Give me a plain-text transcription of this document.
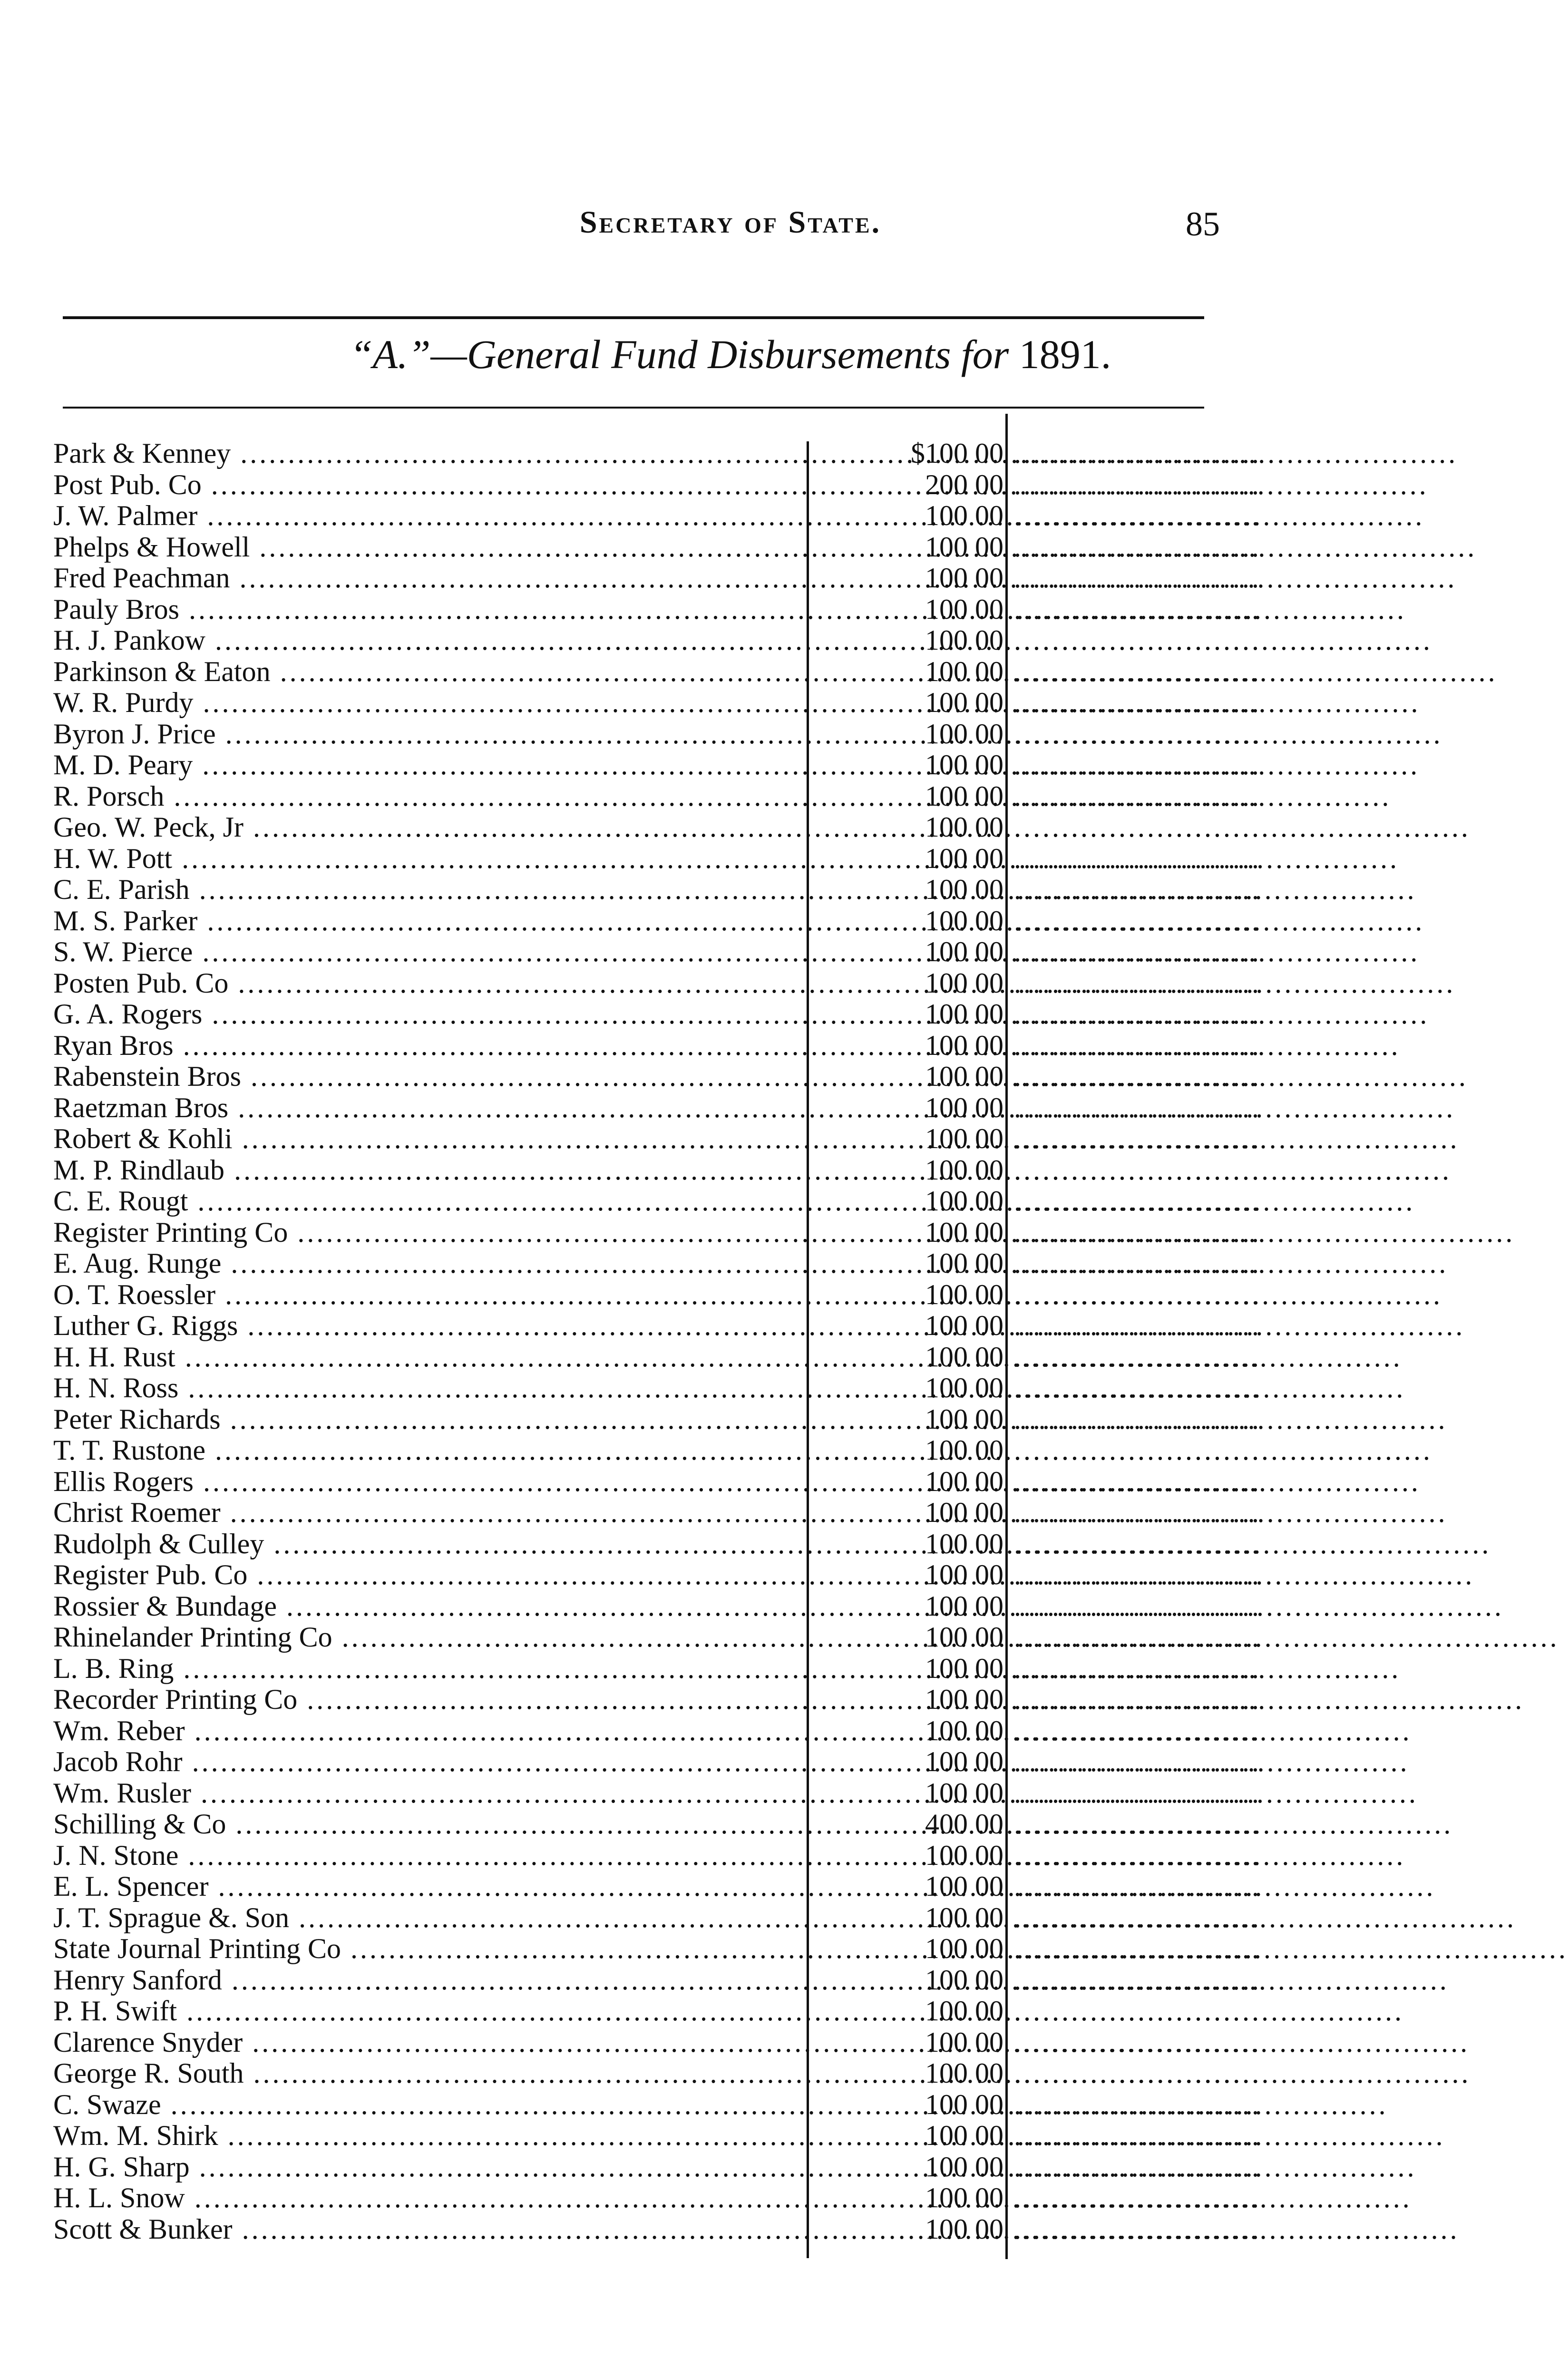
Secretary of State.	85
“A.”—General Fund Disbursements for 1891.
Park & Kenney .....	$100 00 ..........................
Post Pub. Co .....	200 00 ..........................
J. W. Palmer .....	100 00 ..........................
Phelps & Howell .....	100 00 ..........................
Fred Peachman .....	100 00 ..........................
Pauly Bros .....	100 00 ..........................
H. J. Pankow .....	100 00 ..........................
Parkinson & Eaton .....	100 00 ..........................
W. R. Purdy .....	100 00 ..........................
Byron J. Price .....	100 00 ..........................
M. D. Peary .....	100 00 ..........................
R. Porsch .....	100 00 ..........................
Geo. W. Peck, Jr .....	100 00 ..........................
H. W. Pott .....	100 00 ..........................
C. E. Parish .....	100 00 ..........................
M. S. Parker .....	100 00 ..........................
S. W. Pierce .....	100 00 ..........................
Posten Pub. Co .....	100 00 ..........................
G. A. Rogers .....	100 00 ..........................
Ryan Bros .....	100 00 ..........................
Rabenstein Bros .....	100 00 ..........................
Raetzman Bros .....	100 00 ..........................
Robert & Kohli .....	100 00 ..........................
M. P. Rindlaub .....	100 00 ..........................
C. E. Rougt .....	100 00 ..........................
Register Printing Co .....	100 00 ..........................
E. Aug. Runge .....	100 00 ..........................
O. T. Roessler .....	100 00 ..........................
Luther G. Riggs .....	100 00 ..........................
H. H. Rust .....	100 00 ..........................
H. N. Ross .....	100 00 ..........................
Peter Richards .....	100 00 ..........................
T. T. Rustone .....	100 00 ..........................
Ellis Rogers .....	100 00 ..........................
Christ Roemer .....	100 00 ..........................
Rudolph & Culley .....	100 00 ..........................
Register Pub. Co .....	100 00 ..........................
Rossier & Bundage .....	100 00 ..........................
Rhinelander Printing Co .....	100 00 ..........................
L. B. Ring .....	100 00 ..........................
Recorder Printing Co .....	100 00 ..........................
Wm. Reber .....	100 00 ..........................
Jacob Rohr .....	100 00 ..........................
Wm. Rusler .....	100 00 ..........................
Schilling & Co .....	400 00 ..........................
J. N. Stone .....	100 00 ..........................
E. L. Spencer .....	100 00 ..........................
J. T. Sprague &. Son .....	100 00 ..........................
State Journal Printing Co .....	100 00 ..........................
Henry Sanford .....	100 00 ..........................
P. H. Swift .....	100 00 ..........................
Clarence Snyder .....	100 00 ..........................
George R. South .....	100 00 ..........................
C. Swaze .....	100 00 ..........................
Wm. M. Shirk .....	100 00 ..........................
H. G. Sharp .....	100 00 ..........................
H. L. Snow .....	100 00 ..........................
Scott & Bunker .....	100 00 ..........................
